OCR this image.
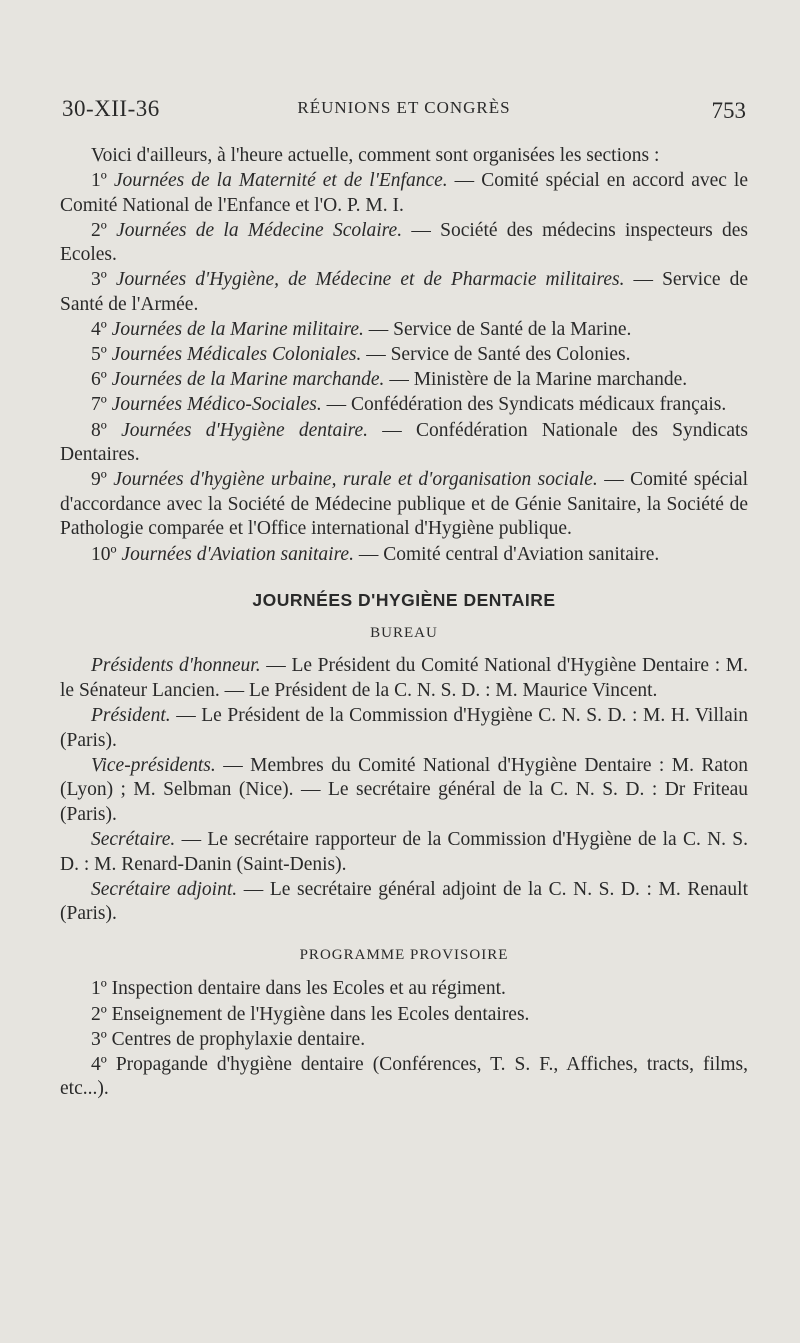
30-XII-36	RÉUNIONS ET CONGRÈS	753

Voici d'ailleurs, à l'heure actuelle, comment sont organisées les sections :

1º Journées de la Maternité et de l'Enfance. — Comité spécial en accord avec le Comité National de l'Enfance et l'O. P. M. I.

2º Journées de la Médecine Scolaire. — Société des médecins inspecteurs des Ecoles.

3º Journées d'Hygiène, de Médecine et de Pharmacie militaires. — Service de Santé de l'Armée.

4º Journées de la Marine militaire. — Service de Santé de la Marine.

5º Journées Médicales Coloniales. — Service de Santé des Colonies.

6º Journées de la Marine marchande. — Ministère de la Marine marchande.

7º Journées Médico-Sociales. — Confédération des Syndicats médicaux français.

8º Journées d'Hygiène dentaire. — Confédération Nationale des Syndicats Dentaires.

9º Journées d'hygiène urbaine, rurale et d'organisation sociale. — Comité spécial d'accordance avec la Société de Médecine publique et de Génie Sanitaire, la Société de Pathologie comparée et l'Office international d'Hygiène publique.

10º Journées d'Aviation sanitaire. — Comité central d'Aviation sanitaire.

JOURNÉES D'HYGIÈNE DENTAIRE
BUREAU

Présidents d'honneur. — Le Président du Comité National d'Hygiène Dentaire : M. le Sénateur Lancien. — Le Président de la C. N. S. D. : M. Maurice Vincent.

Président. — Le Président de la Commission d'Hygiène C. N. S. D. : M. H. Villain (Paris).

Vice-présidents. — Membres du Comité National d'Hygiène Dentaire : M. Raton (Lyon) ; M. Selbman (Nice). — Le secrétaire général de la C. N. S. D. : Dr Friteau (Paris).

Secrétaire. — Le secrétaire rapporteur de la Commission d'Hygiène de la C. N. S. D. : M. Renard-Danin (Saint-Denis).

Secrétaire adjoint. — Le secrétaire général adjoint de la C. N. S. D. : M. Renault (Paris).

PROGRAMME PROVISOIRE

1º Inspection dentaire dans les Ecoles et au régiment.

2º Enseignement de l'Hygiène dans les Ecoles dentaires.

3º Centres de prophylaxie dentaire.

4º Propagande d'hygiène dentaire (Conférences, T. S. F., Affiches, tracts, films, etc...).
